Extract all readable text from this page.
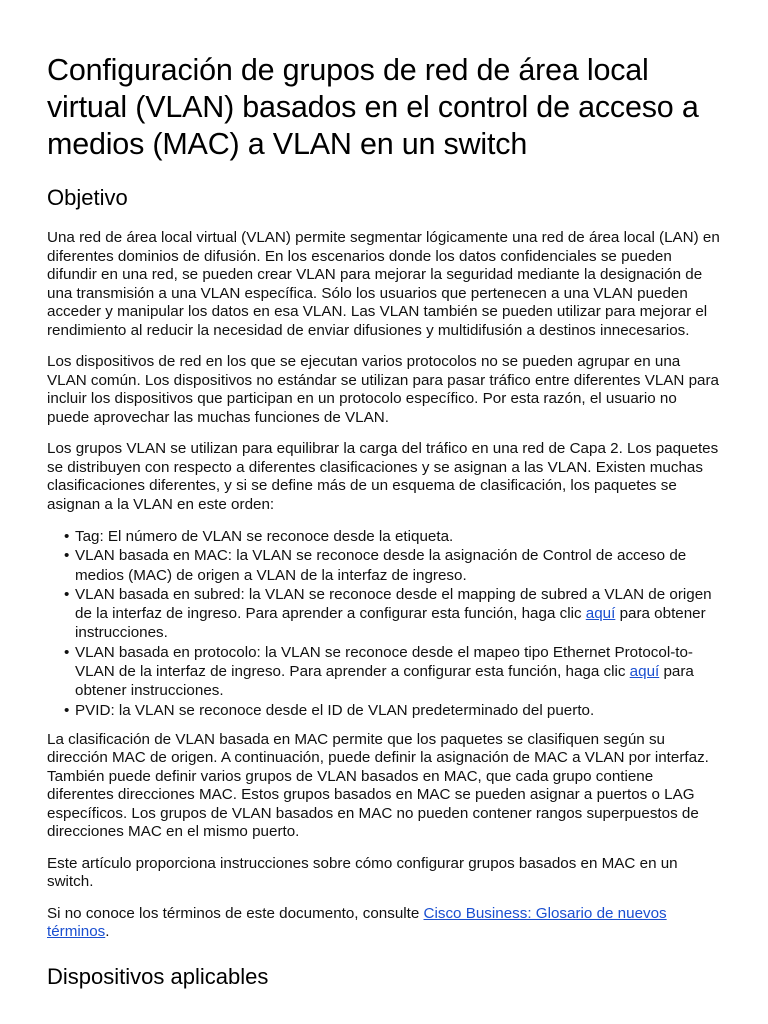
Configuración de grupos de red de área local virtual (VLAN) basados en el control de acceso a medios (MAC) a VLAN en un switch
Objetivo

Una red de área local virtual (VLAN) permite segmentar lógicamente una red de área local (LAN) en diferentes dominios de difusión. En los escenarios donde los datos confidenciales se pueden difundir en una red, se pueden crear VLAN para mejorar la seguridad mediante la designación de una transmisión a una VLAN específica. Sólo los usuarios que pertenecen a una VLAN pueden acceder y manipular los datos en esa VLAN. Las VLAN también se pueden utilizar para mejorar el rendimiento al reducir la necesidad de enviar difusiones y multidifusión a destinos innecesarios.

Los dispositivos de red en los que se ejecutan varios protocolos no se pueden agrupar en una VLAN común. Los dispositivos no estándar se utilizan para pasar tráfico entre diferentes VLAN para incluir los dispositivos que participan en un protocolo específico. Por esta razón, el usuario no puede aprovechar las muchas funciones de VLAN.

Los grupos VLAN se utilizan para equilibrar la carga del tráfico en una red de Capa 2. Los paquetes se distribuyen con respecto a diferentes clasificaciones y se asignan a las VLAN. Existen muchas clasificaciones diferentes, y si se define más de un esquema de clasificación, los paquetes se asignan a la VLAN en este orden:

• Tag: El número de VLAN se reconoce desde la etiqueta.
• VLAN basada en MAC: la VLAN se reconoce desde la asignación de Control de acceso de medios (MAC) de origen a VLAN de la interfaz de ingreso.
• VLAN basada en subred: la VLAN se reconoce desde el mapping de subred a VLAN de origen de la interfaz de ingreso. Para aprender a configurar esta función, haga clic aquí para obtener instrucciones.
• VLAN basada en protocolo: la VLAN se reconoce desde el mapeo tipo Ethernet Protocol-to-VLAN de la interfaz de ingreso. Para aprender a configurar esta función, haga clic aquí para obtener instrucciones.
• PVID: la VLAN se reconoce desde el ID de VLAN predeterminado del puerto.

La clasificación de VLAN basada en MAC permite que los paquetes se clasifiquen según su dirección MAC de origen. A continuación, puede definir la asignación de MAC a VLAN por interfaz. También puede definir varios grupos de VLAN basados en MAC, que cada grupo contiene diferentes direcciones MAC. Estos grupos basados en MAC se pueden asignar a puertos o LAG específicos. Los grupos de VLAN basados en MAC no pueden contener rangos superpuestos de direcciones MAC en el mismo puerto.

Este artículo proporciona instrucciones sobre cómo configurar grupos basados en MAC en un switch.

Si no conoce los términos de este documento, consulte Cisco Business: Glosario de nuevos términos.

Dispositivos aplicables
